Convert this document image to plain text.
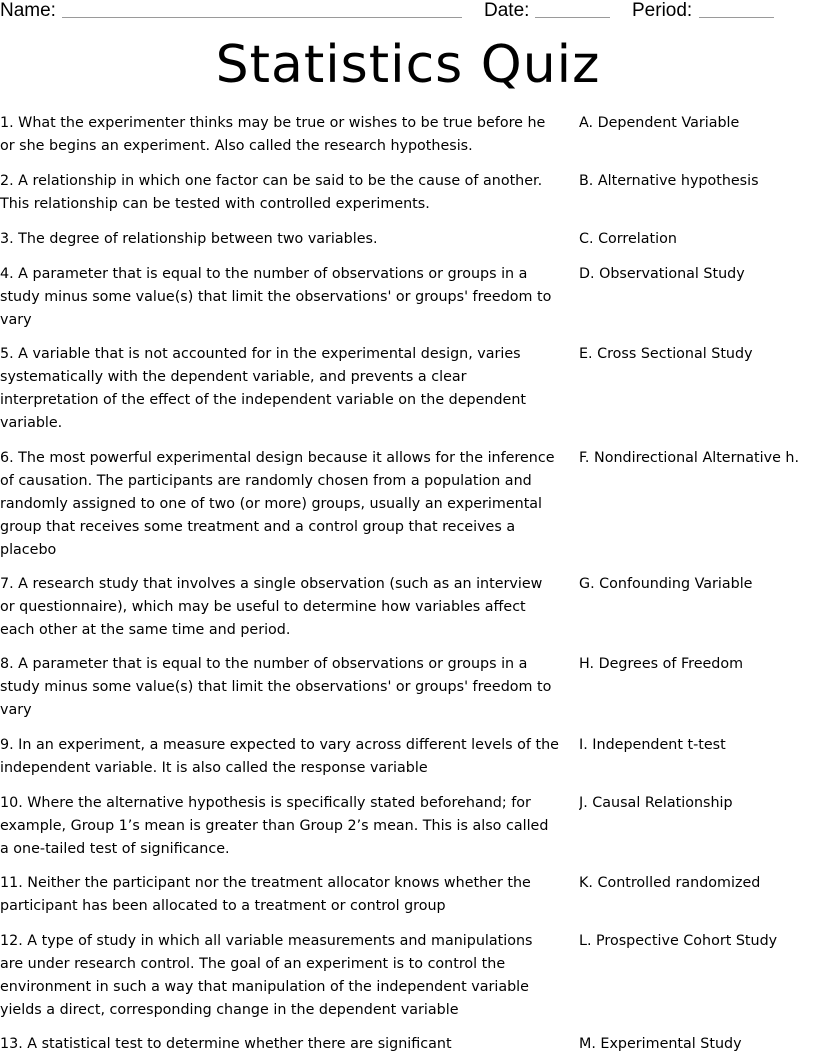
Name:	Date:	Period:
Statistics Quiz
1. What the experimenter thinks may be true or wishes to be true before he or she begins an experiment. Also called the research hypothesis.
A. Dependent Variable
2. A relationship in which one factor can be said to be the cause of another. This relationship can be tested with controlled experiments.
B. Alternative hypothesis
3. The degree of relationship between two variables.	C. Correlation
4. A parameter that is equal to the number of observations or groups in a study minus some value(s) that limit the observations' or groups' freedom to vary
D. Observational Study
5. A variable that is not accounted for in the experimental design, varies systematically with the dependent variable, and prevents a clear interpretation of the effect of the independent variable on the dependent variable.
E. Cross Sectional Study
6. The most powerful experimental design because it allows for the inference of causation. The participants are randomly chosen from a population and randomly assigned to one of two (or more) groups, usually an experimental group that receives some treatment and a control group that receives a placebo
F. Nondirectional Alternative h.
7. A research study that involves a single observation (such as an interview or questionnaire), which may be useful to determine how variables affect each other at the same time and period.
G. Confounding Variable
8. A parameter that is equal to the number of observations or groups in a study minus some value(s) that limit the observations' or groups' freedom to vary
H. Degrees of Freedom
9. In an experiment, a measure expected to vary across different levels of the independent variable. It is also called the response variable
I. Independent t-test
10. Where the alternative hypothesis is specifically stated beforehand; for example, Group 1’s mean is greater than Group 2’s mean. This is also called a one-tailed test of significance.
J. Causal Relationship
11. Neither the participant nor the treatment allocator knows whether the participant has been allocated to a treatment or control group
K. Controlled randomized
12. A type of study in which all variable measurements and manipulations are under research control. The goal of an experiment is to control the environment in such a way that manipulation of the independent variable yields a direct, corresponding change in the dependent variable
L. Prospective Cohort Study
13. A statistical test to determine whether there are significant	M. Experimental Study
